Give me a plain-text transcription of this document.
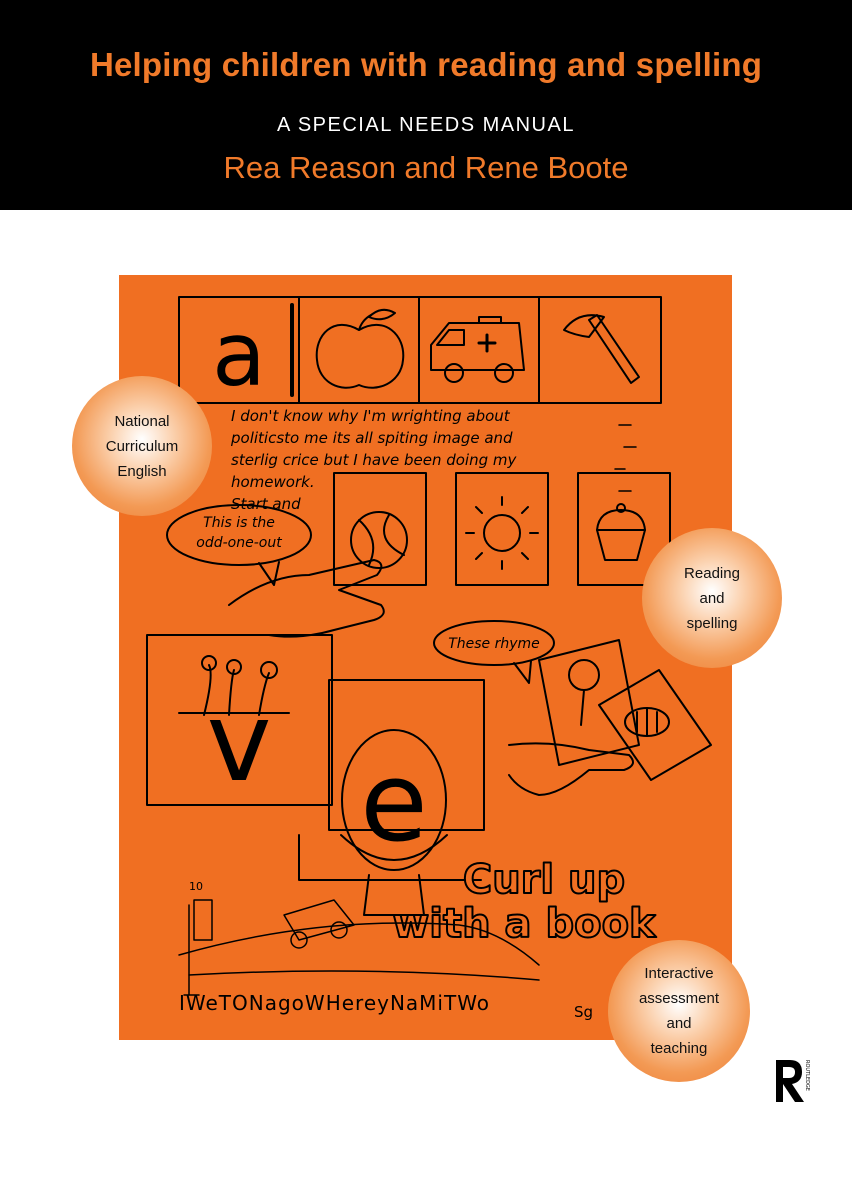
Helping children with reading and spelling
A SPECIAL NEEDS MANUAL
Rea Reason and Rene Boote
a
I don't know why I'm wrighting about
politicsto me its all spiting image and
sterlig crice but I have been doing my
homework.
Start and
This is the
odd-one-out
v e
These rhyme
Curl up
with a book
10
IWeTONagoWHereyNaMiTWo	Sg
National
Curriculum
English
Reading
and
spelling
Interactive
assessment
and
teaching
ROUTLEDGE
